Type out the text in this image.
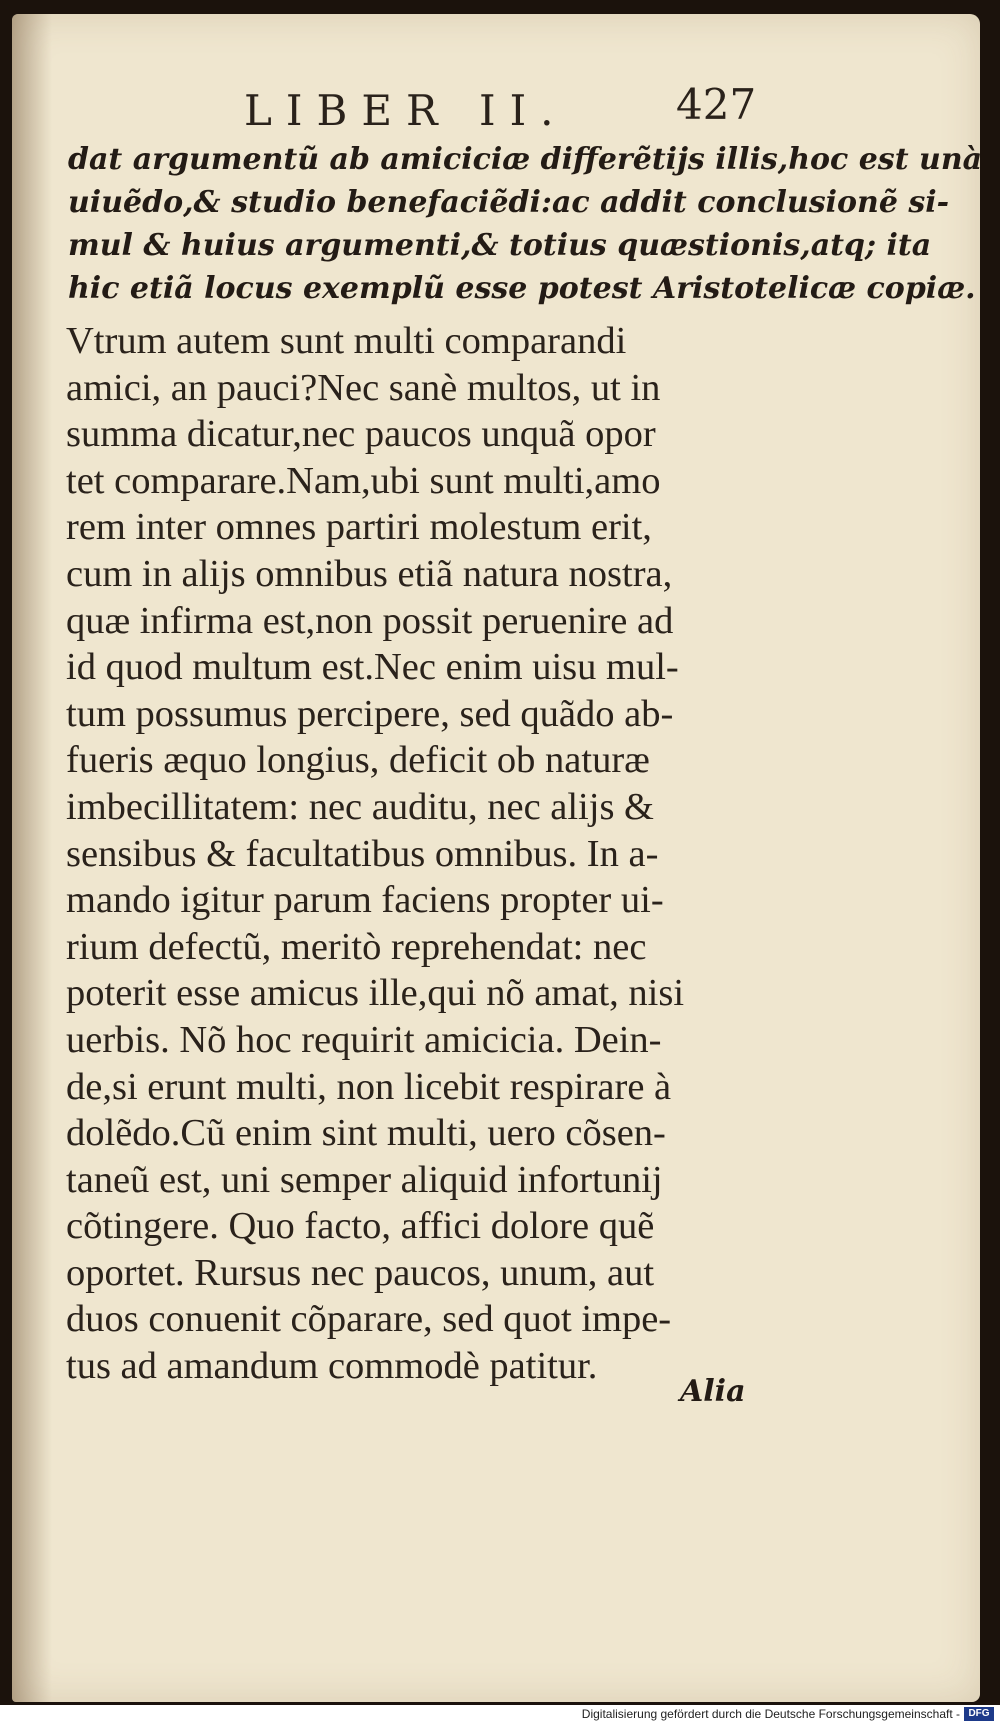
LIBER II.	427
dat argumentũ ab amiciciæ differẽtijs illis,hoc est unà
uiuẽdo,& studio benefaciẽdi:ac addit conclusionẽ si-
mul & huius argumenti,& totius quæstionis,atq; ita
hic etiã locus exemplũ esse potest Aristotelicæ copiæ.
Vtrum autem sunt multi comparandi
amici, an pauci?Nec sanè multos, ut in
summa dicatur,nec paucos unquã opor
tet comparare.Nam,ubi sunt multi,amo
rem inter omnes partiri molestum erit,
cum in alijs omnibus etiã natura nostra,
quæ infirma est,non possit peruenire ad
id quod multum est.Nec enim uisu mul-
tum possumus percipere, sed quãdo ab-
fueris æquo longius, deficit ob naturæ
imbecillitatem: nec auditu, nec alijs &
sensibus & facultatibus omnibus. In a-
mando igitur parum faciens propter ui-
rium defectũ, meritò reprehendat: nec
poterit esse amicus ille,qui nõ amat, nisi
uerbis. Nõ hoc requirit amicicia. Dein-
de,si erunt multi, non licebit respirare à
dolẽdo.Cũ enim sint multi, uero cõsen-
taneũ est, uni semper aliquid infortunij
cõtingere. Quo facto, affici dolore quẽ
oportet. Rursus nec paucos, unum, aut
duos conuenit cõparare, sed quot impe-
tus ad amandum commodè patitur.
Alia
Digitalisierung gefördert durch die Deutsche Forschungsgemeinschaft - DFG
